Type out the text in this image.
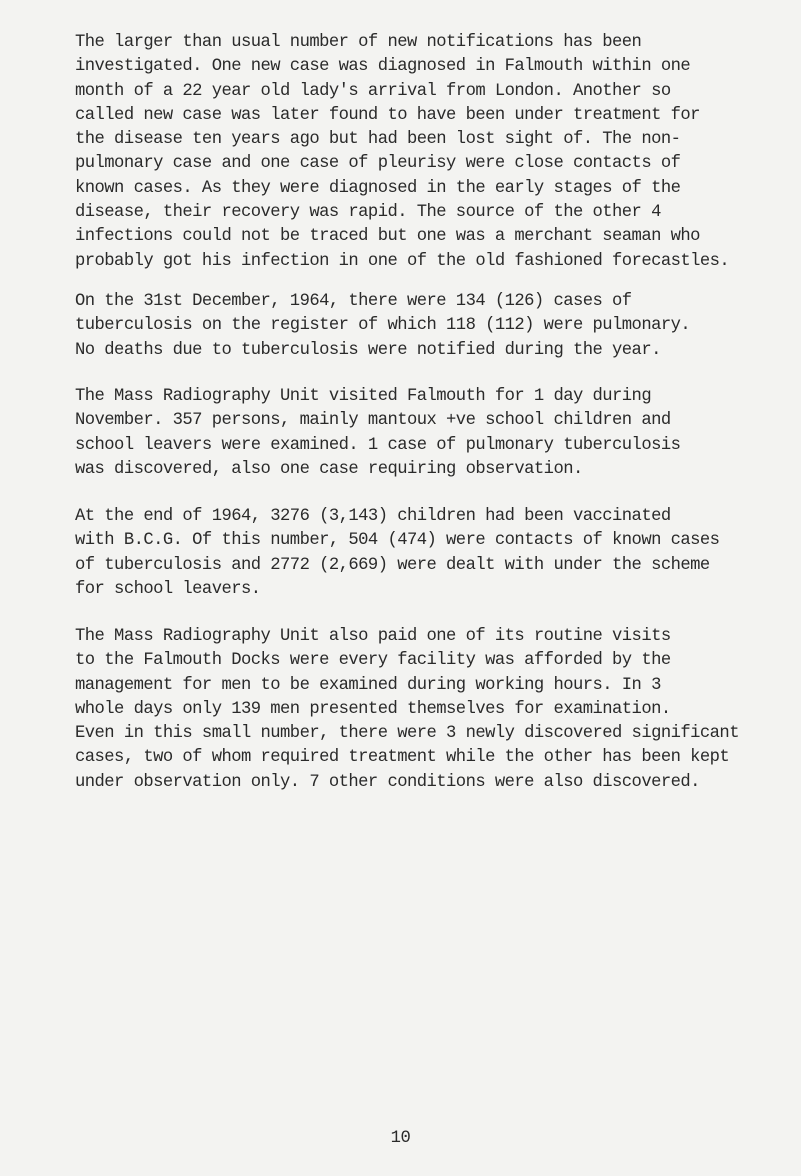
The larger than usual number of new notifications has been
investigated. One new case was diagnosed in Falmouth within one
month of a 22 year old lady's arrival from London. Another so
called new case was later found to have been under treatment for
the disease ten years ago but had been lost sight of. The non-
pulmonary case and one case of pleurisy were close contacts of
known cases. As they were diagnosed in the early stages of the
disease, their recovery was rapid. The source of the other 4
infections could not be traced but one was a merchant seaman who
probably got his infection in one of the old fashioned forecastles.

On the 31st December, 1964, there were 134 (126) cases of
tuberculosis on the register of which 118 (112) were pulmonary.
No deaths due to tuberculosis were notified during the year.

The Mass Radiography Unit visited Falmouth for 1 day during
November. 357 persons, mainly mantoux +ve school children and
school leavers were examined. 1 case of pulmonary tuberculosis
was discovered, also one case requiring observation.

At the end of 1964, 3276 (3,143) children had been vaccinated
with B.C.G. Of this number, 504 (474) were contacts of known cases
of tuberculosis and 2772 (2,669) were dealt with under the scheme
for school leavers.

The Mass Radiography Unit also paid one of its routine visits
to the Falmouth Docks were every facility was afforded by the
management for men to be examined during working hours. In 3
whole days only 139 men presented themselves for examination.
Even in this small number, there were 3 newly discovered significant
cases, two of whom required treatment while the other has been kept
under observation only. 7 other conditions were also discovered.

10
